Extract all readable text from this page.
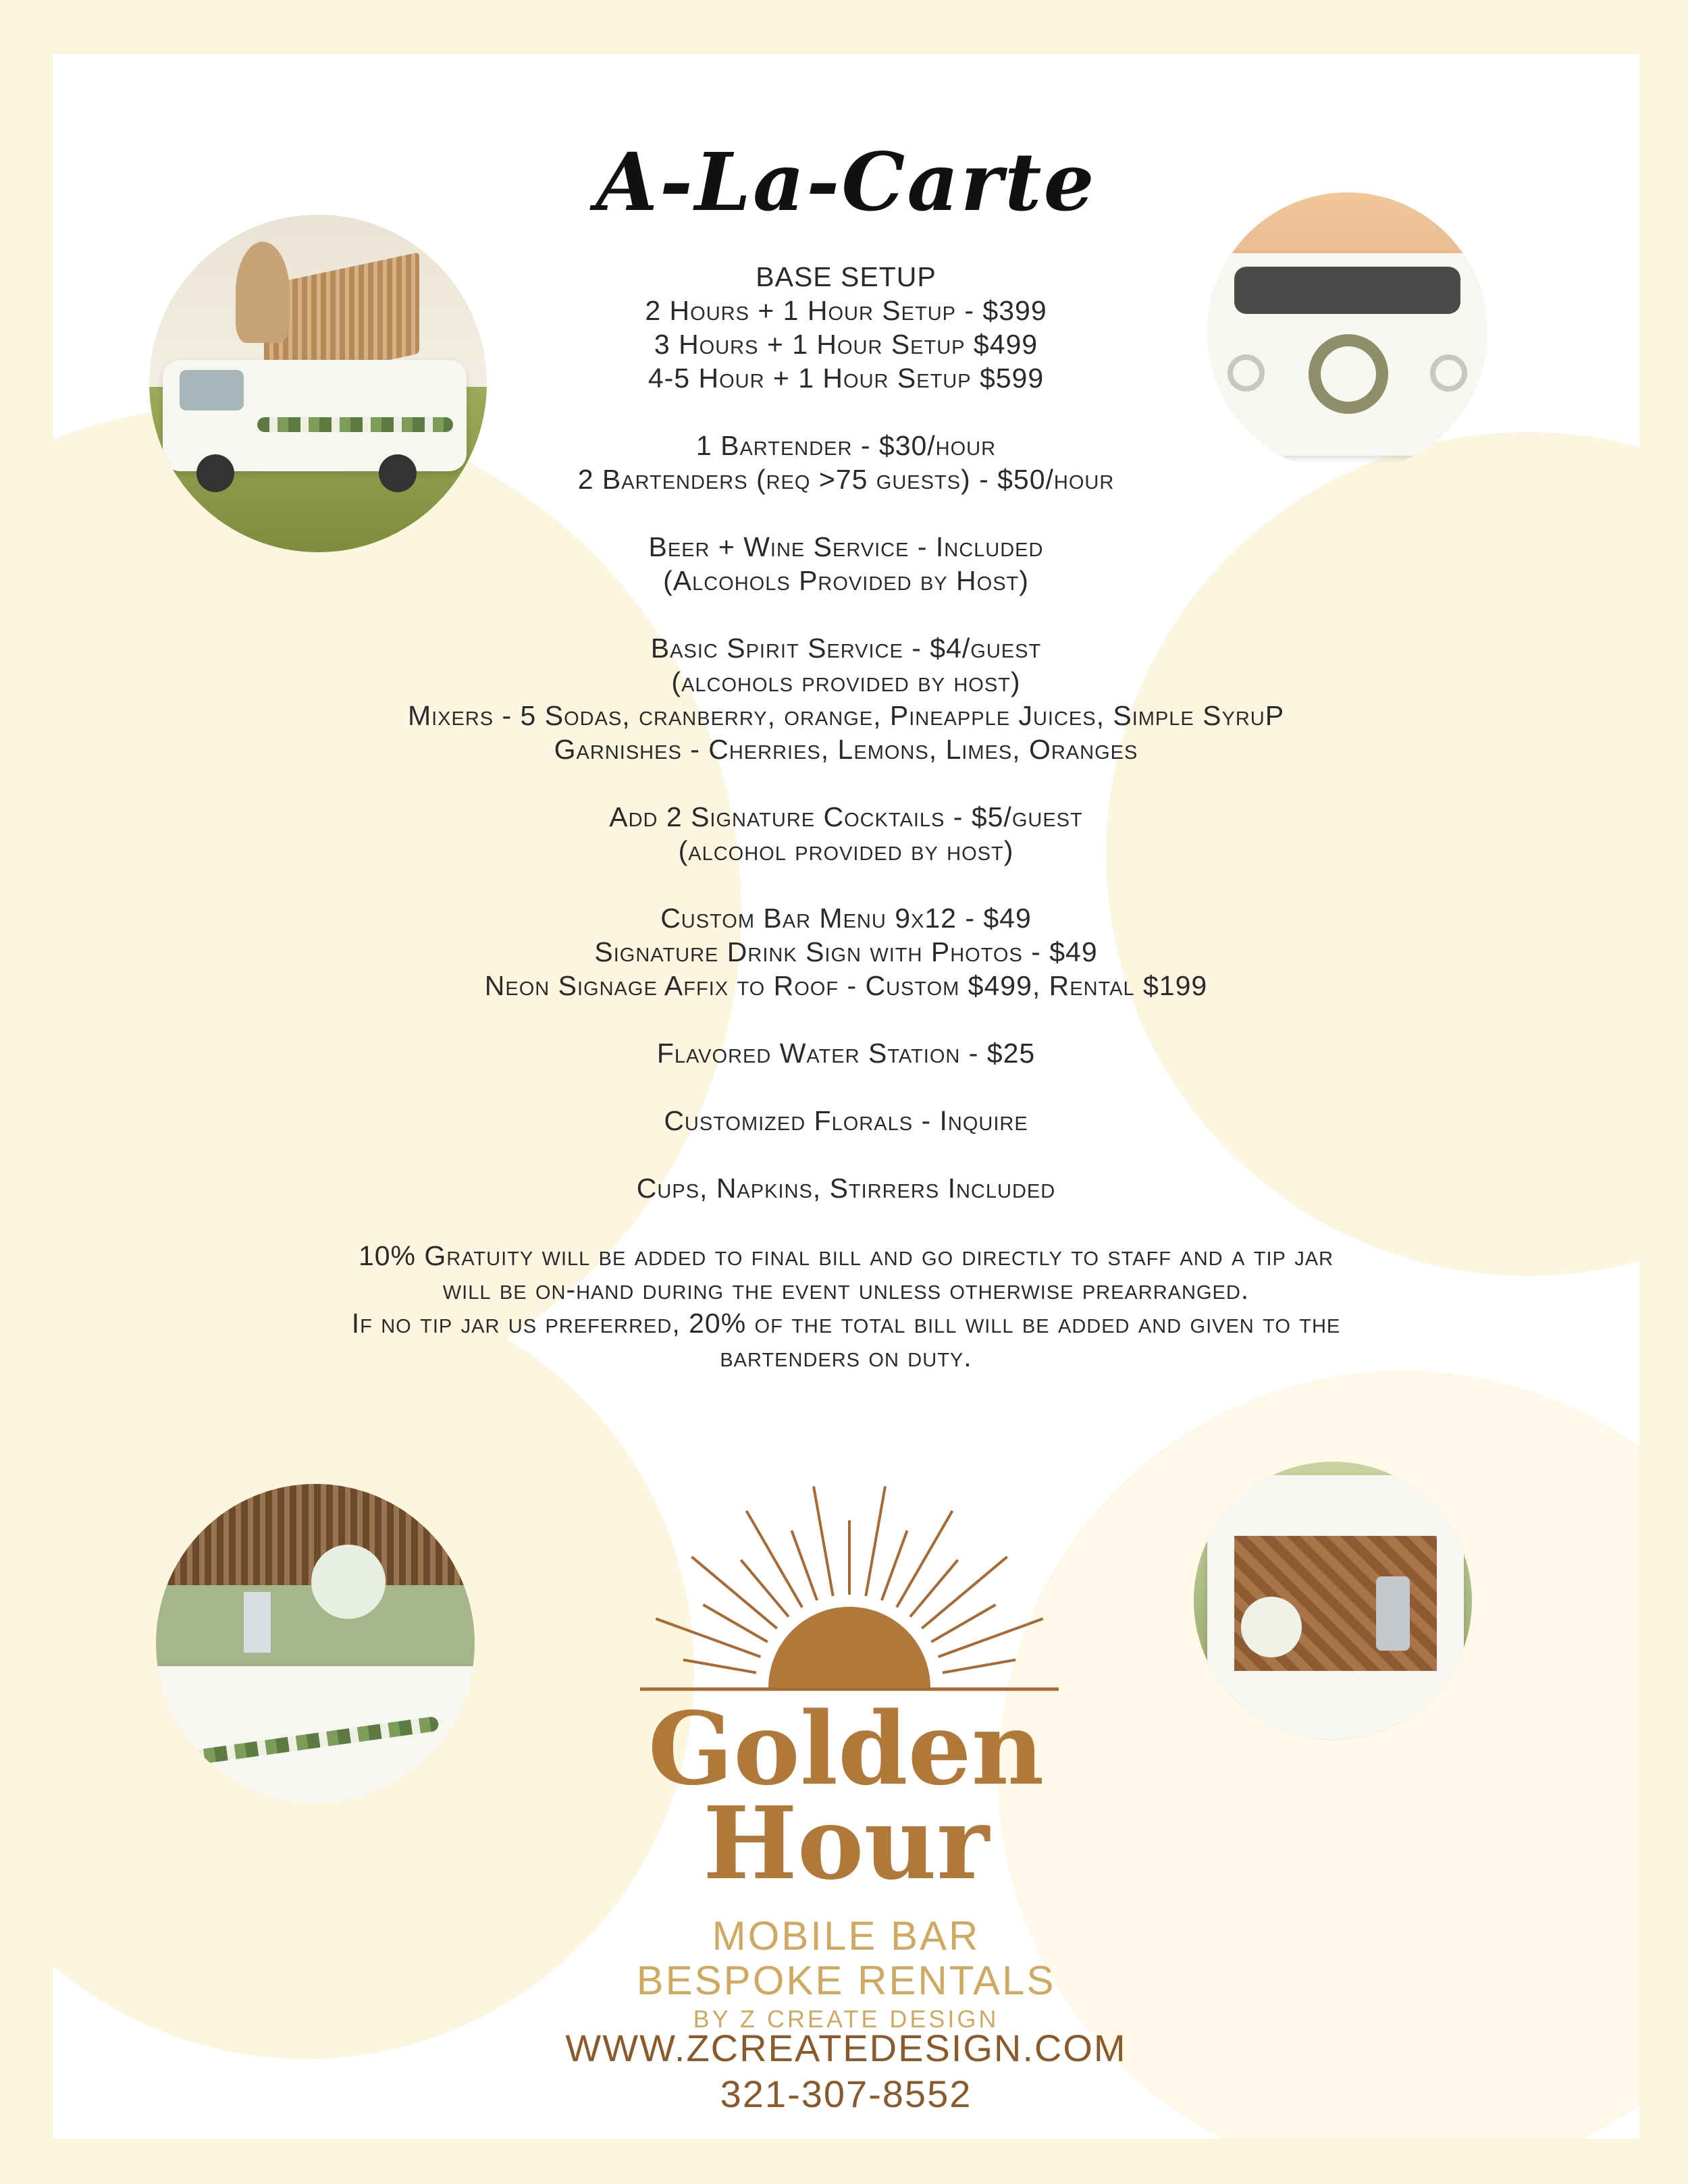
A-La-Carte
BASE SETUP
2 Hours + 1 Hour Setup - $399
3 Hours + 1 Hour Setup $499
4-5 Hour + 1 Hour Setup $599
1 Bartender - $30/hour
2 Bartenders (req >75 guests) - $50/hour
Beer + Wine Service - Included
(Alcohols Provided by Host)
Basic Spirit Service - $4/guest
(alcohols provided by host)
Mixers - 5 Sodas, cranberry, orange, Pineapple Juices, Simple SyruP
Garnishes - Cherries, Lemons, Limes, Oranges
Add 2 Signature Cocktails - $5/guest
(alcohol provided by host)
Custom Bar Menu 9x12 - $49
Signature Drink Sign with Photos - $49
Neon Signage Affix to Roof - Custom $499, Rental $199
Flavored Water Station - $25
Customized Florals - Inquire
Cups, Napkins, Stirrers Included
10% Gratuity will be added to final bill and go directly to staff and a tip jar
will be on-hand during the event unless otherwise prearranged.
If no tip jar us preferred, 20% of the total bill will be added and given to the
bartenders on duty.
Golden
Hour
MOBILE BAR
BESPOKE RENTALS
BY Z CREATE DESIGN
WWW.ZCREATEDESIGN.COM
321-307-8552
